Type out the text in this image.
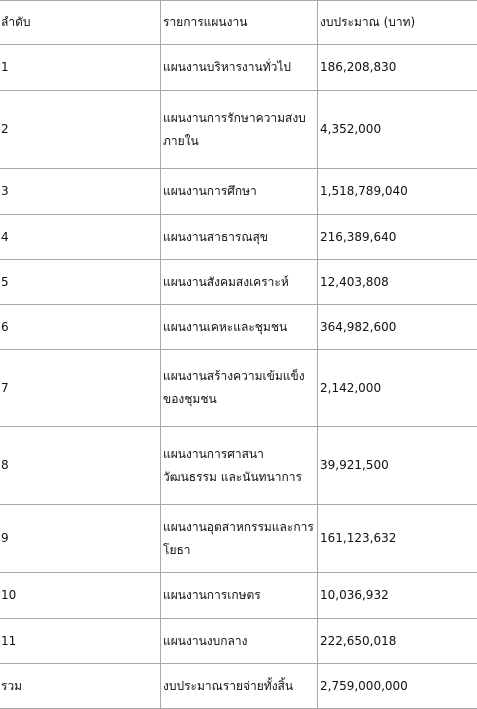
ลำดับ	รายการแผนงาน	งบประมาณ (บาท)
1	แผนงานบริหารงานทั่วไป	186,208,830
2	แผนงานการรักษาความสงบภายใน	4,352,000
3	แผนงานการศึกษา	1,518,789,040
4	แผนงานสาธารณสุข	216,389,640
5	แผนงานสังคมสงเคราะห์	12,403,808
6	แผนงานเคหะและชุมชน	364,982,600
7	แผนงานสร้างความเข้มแข็งของชุมชน	2,142,000
8	แผนงานการศาสนา วัฒนธรรม และนันทนาการ	39,921,500
9	แผนงานอุตสาหกรรมและการโยธา	161,123,632
10	แผนงานการเกษตร	10,036,932
11	แผนงานงบกลาง	222,650,018
รวม	งบประมาณรายจ่ายทั้งสิ้น	2,759,000,000
